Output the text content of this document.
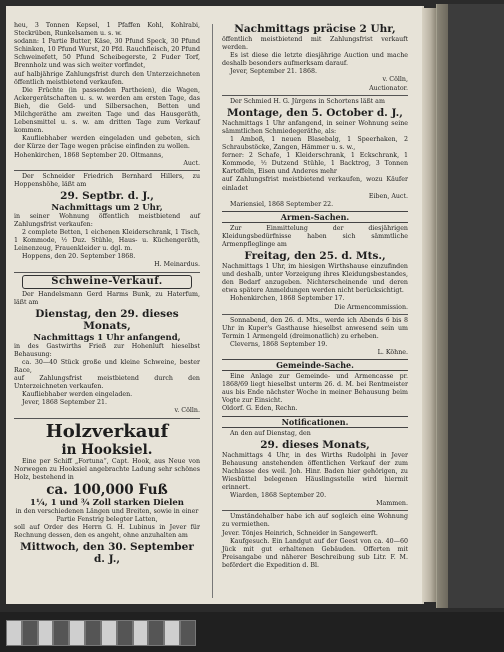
heu, 3 Tonnen Kepsel, 1 Pfaffen Kohl, Kohlrabi, Steckrüben, Runkelsamen u. s. w.
sodann: 1 Partie Butter, Käse, 30 Pfund Speck, 30 Pfund Schinken, 10 Pfund Wurst, 20 Pfd. Rauchfleisch, 20 Pfund Schweinefett, 50 Pfund Scheibegerste, 2 Fuder Torf, Brennholz und was sich weiter vorfindet,
auf halbjährige Zahlungsfrist durch den Unterzeichneten öffentlich meistbietend verkaufen.
Die Früchte (in passenden Partheien), die Wagen, Ackergerätschaften u. s. w. werden am ersten Tage, das Bieh, die Geld- und Silbersachen, Betten und Milchgeräthe am zweiten Tage und das Hausgeräth, Lebensmittel u. s. w. am dritten Tage zum Verkauf kommen.
Kaufliebhaber werden eingeladen und gebeten, sich der Kürze der Tage wegen präcise einfinden zu wollen.
Hohenkirchen, 1868 September 20. Oltmanns,
Auct.
Der Schneider Friedrich Bernhard Hillers, zu Hoppenshöhe, läßt am
29. Septbr. d. J.,
Nachmittags um 2 Uhr,
in seiner Wohnung öffentlich meistbietend auf Zahlungsfrist verkaufen:
2 complete Betten, 1 eichenen Kleiderschrank, 1 Tisch, 1 Kommode, ½ Duz. Stühle, Haus- u. Küchengeräth, Leinenzeug, Frauenkleider u. dgl. m.
Hoppens, den 20. September 1868.
H. Meinardus.
Schweine-Verkauf.
Der Handelsmann Gerd Harms Bunk, zu Haterfum, läßt am
Dienstag, den 29. dieses Monats,
Nachmittags 1 Uhr anfangend,
in des Gastwirths Frieß zur Hohenluft hieselbst Behausung:
ca. 30—40 Stück große und kleine Schweine, bester Race,
auf Zahlungsfrist meistbietend durch den Unterzeichneten verkaufen.
Kaufliebhaber werden eingeladen.
Jever, 1868 September 21.
v. Cölln.
Holzverkauf
in Hooksiel.
Eine per Schiff „Fortuna“, Capt. Hook, aus Neue von Norwegen zu Hooksiel angebrachte Ladung sehr schönes Holz, bestehend in
ca. 100,000 Fuß
1¼, 1 und ¾ Zoll starken Dielen
in den verschiedenen Längen und Breiten, sowie in einer Partie Fenstrig belegter Latten,
soll auf Order des Herrn G. H. Lubinus in Jever für Rechnung dessen, den es angeht, ohne anzuhalten am
Mittwoch, den 30. September d. J.,
Nachmittags präcise 2 Uhr,
öffentlich meistbietend mit Zahlungsfrist verkauft werden.
Es ist diese die letzte diesjährige Auction und mache deshalb besonders aufmerksam darauf.
Jever, September 21. 1868.
v. Cölln,
Auctionator.
Der Schmied H. G. Jürgens in Schortens läßt am
Montage, den 5. October d. J.,
Nachmittags 1 Uhr anfangend, in seiner Wohnung seine sämmtlichen Schmiedegeräthe, als:
1 Amboß, 1 neuen Blasebalg, 1 Speerhaken, 2 Schraubstöcke, Zangen, Hämmer u. s. w.,
ferner: 2 Schafe, 1 Kleiderschrank, 1 Eckschrank, 1 Kommode, ½ Dutzend Stühle, 1 Backtrog, 3 Tonnen Kartoffeln, Eisen und Anderes mehr
auf Zahlungsfrist meistbietend verkaufen, wozu Käufer einladet
Eiben, Auct.
Mariensiel, 1868 September 22.
Armen-Sachen.
Zur Einmittelung der diesjährigen Kleidungsbedürfnisse haben sich sämmtliche Armenpfleglinge am
Freitag, den 25. d. Mts.,
Nachmittags 1 Uhr, im hiesigen Wirthshause einzufinden und deshalb, unter Vorzeigung ihres Kleidungsbestandes, den Bedarf anzugeben. Nichterscheinende und deren etwa spätere Anmeldungen werden nicht berücksichtigt.
Hohenkirchen, 1868 September 17.
Die Armencommission.
Sonnabend, den 26. d. Mts., werde ich Abends 6 bis 8 Uhr in Kuper's Gasthause hieselbst anwesend sein um Termin 1 Armengeld (dreimonatlich) zu erheben.
Cleverns, 1868 September 19.
L. Köhne.
Gemeinde-Sache.
Eine Anlage zur Gemeinde- und Armencasse pr. 1868/69 liegt hieselbst unterm 26. d. M. bei Rentmeister aus bis Ende nächster Woche in meiner Behausung beim Vogte zur Einsicht.
Oldorf. G. Eden, Rechn.
Notificationen.
An den auf Dienstag, den
29. dieses Monats,
Nachmittags 4 Uhr, in des Wirths Rudolphi in Jever Behausung anstehenden öffentlichen Verkauf der zum Nachlasse des weil. Joh. Hinr. Baden hier gehörigen, zu Wiesbüttel belegenen Häuslingsstelle wird hiermit erinnert.
Wiarden, 1868 September 20.
Mammen.
Umständehalber habe ich auf sogleich eine Wohnung zu vermiethen.
Jever. Tönjes Heinrich, Schneider in Sangewerft.
Kaufgesuch. Ein Landgut auf der Geest von ca. 40—60 Jück mit gut erhaltenen Gebäuden. Offerten mit Preisangabe und näherer Beschreibung sub Litr. F. M. befördert die Expedition d. Bl.
